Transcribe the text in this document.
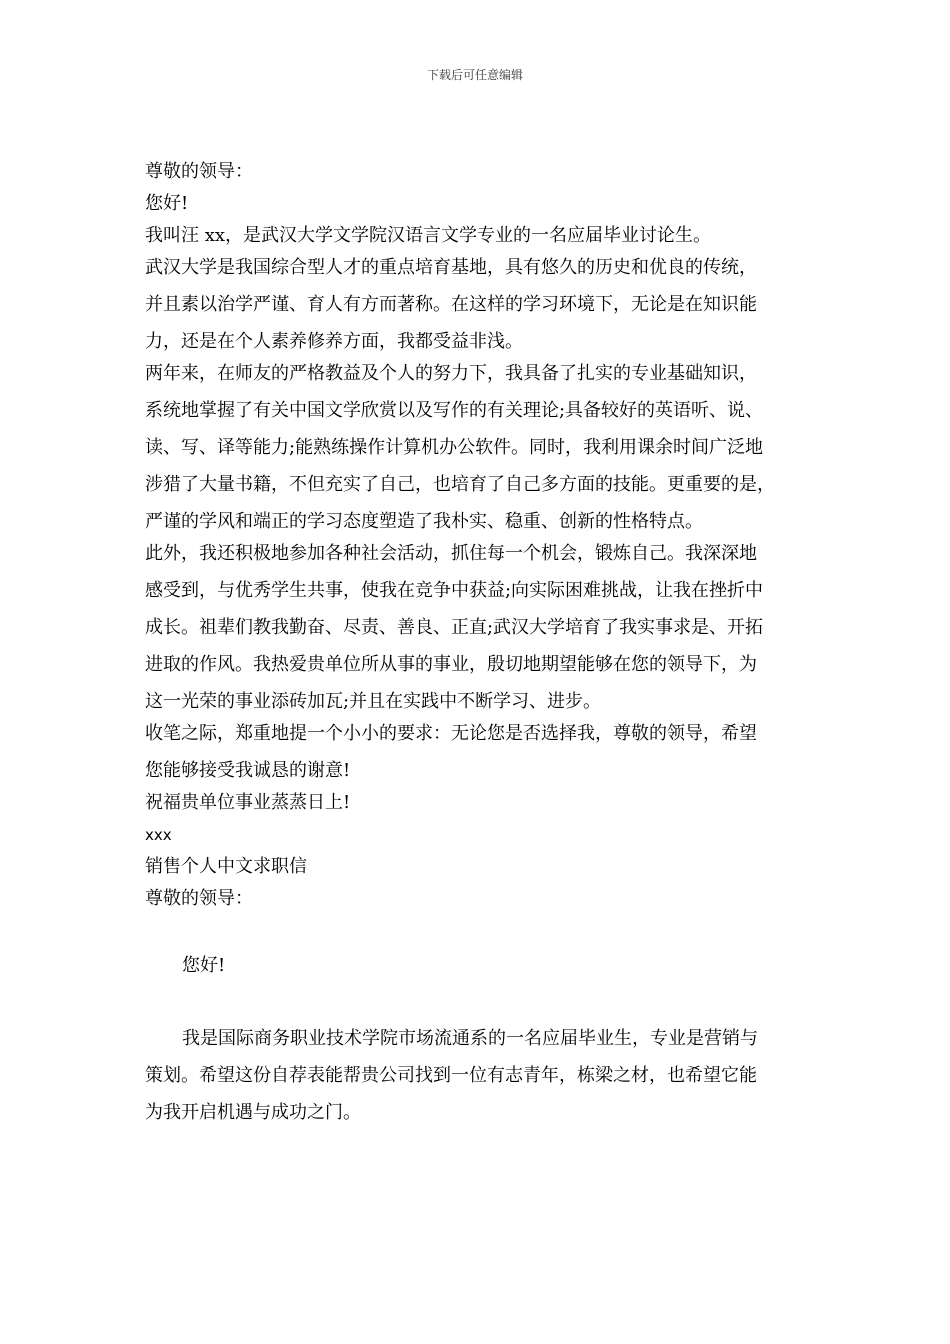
下载后可任意编辑

尊敬的领导：

您好!

我叫汪 xx，是武汉大学文学院汉语言文学专业的一名应届毕业讨论生。

武汉大学是我国综合型人才的重点培育基地，具有悠久的历史和优良的传统，

并且素以治学严谨、育人有方而著称。在这样的学习环境下，无论是在知识能

力，还是在个人素养修养方面，我都受益非浅。

两年来，在师友的严格教益及个人的努力下，我具备了扎实的专业基础知识，

系统地掌握了有关中国文学欣赏以及写作的有关理论;具备较好的英语听、说、

读、写、译等能力;能熟练操作计算机办公软件。同时，我利用课余时间广泛地

涉猎了大量书籍，不但充实了自己，也培育了自己多方面的技能。更重要的是，

严谨的学风和端正的学习态度塑造了我朴实、稳重、创新的性格特点。

此外，我还积极地参加各种社会活动，抓住每一个机会，锻炼自己。我深深地

感受到，与优秀学生共事，使我在竞争中获益;向实际困难挑战，让我在挫折中

成长。祖辈们教我勤奋、尽责、善良、正直;武汉大学培育了我实事求是、开拓

进取的作风。我热爱贵单位所从事的事业，殷切地期望能够在您的领导下，为

这一光荣的事业添砖加瓦;并且在实践中不断学习、进步。

收笔之际，郑重地提一个小小的要求：无论您是否选择我，尊敬的领导，希望

您能够接受我诚恳的谢意!

祝福贵单位事业蒸蒸日上!

xxx

销售个人中文求职信

尊敬的领导：

您好!

我是国际商务职业技术学院市场流通系的一名应届毕业生，专业是营销与

策划。希望这份自荐表能帮贵公司找到一位有志青年，栋梁之材，也希望它能

为我开启机遇与成功之门。
